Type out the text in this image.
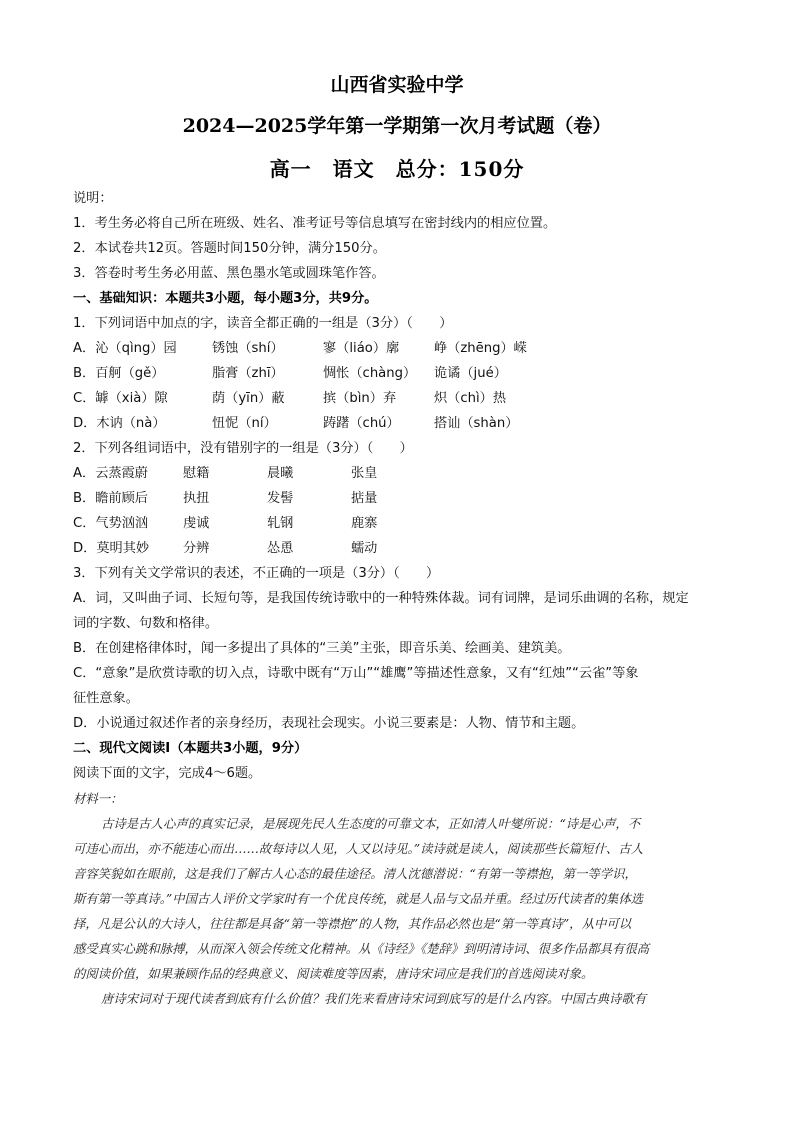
山西省实验中学
2024—2025学年第一学期第一次月考试题（卷）
高一　语文　总分：150分
说明：
1．考生务必将自己所在班级、姓名、准考证号等信息填写在密封线内的相应位置。
2．本试卷共12页。答题时间150分钟，满分150分。
3．答卷时考生务必用蓝、黑色墨水笔或圆珠笔作答。
一、基础知识：本题共3小题，每小题3分，共9分。
1．下列词语中加点的字，读音全都正确的一组是（3分）（　　）
A．沁（qìng）园	锈蚀（shí）	寥（liáo）廓	峥（zhēng）嵘
B．百舸（gě）	脂膏（zhī）	惆怅（chàng） 诡谲（jué）
C．罅（xià）隙	荫（yīn）蔽	摈（bìn）弃	炽（chì）热
D．木讷（nà）	忸怩（ní）	踌躇（chú）	搭讪（shàn）
2．下列各组词语中，没有错别字的一组是（3分）（　　）
A．云蒸霞蔚	慰籍	晨曦	张皇
B．瞻前顾后	执扭	发髻	掂量
C．气势汹汹	虔诚	轧钢	鹿寨
D．莫明其妙	分辨	怂恿	蠕动
3．下列有关文学常识的表述，不正确的一项是（3分）（　　）
A．词，又叫曲子词、长短句等，是我国传统诗歌中的一种特殊体裁。词有词牌，是词乐曲调的名称，规定
词的字数、句数和格律。
B．在创建格律体时，闻一多提出了具体的“三美”主张，即音乐美、绘画美、建筑美。
C．“意象”是欣赏诗歌的切入点，诗歌中既有“万山”“雄鹰”等描述性意象，又有“红烛”“云雀”等象
征性意象。
D．小说通过叙述作者的亲身经历，表现社会现实。小说三要素是：人物、情节和主题。
二、现代文阅读Ⅰ（本题共3小题，9分）
阅读下面的文字，完成4～6题。
材料一：
古诗是古人心声的真实记录，是展现先民人生态度的可靠文本，正如清人叶燮所说：“诗是心声，不
可违心而出，亦不能违心而出……故每诗以人见，人又以诗见。”读诗就是读人，阅读那些长篇短什、古人
音容笑貌如在眼前，这是我们了解古人心态的最佳途径。清人沈德潜说：“有第一等襟抱，第一等学识，
斯有第一等真诗。”中国古人评价文学家时有一个优良传统，就是人品与文品并重。经过历代读者的集体选
择，凡是公认的大诗人，往往都是具备“第一等襟抱”的人物，其作品必然也是“第一等真诗”，从中可以
感受真实心跳和脉搏，从而深入领会传统文化精神。从《诗经》《楚辞》到明清诗词、很多作品都具有很高
的阅读价值，如果兼顾作品的经典意义、阅读难度等因素，唐诗宋词应是我们的首选阅读对象。
唐诗宋词对于现代读者到底有什么价值？我们先来看唐诗宋词到底写的是什么内容。中国古典诗歌有
